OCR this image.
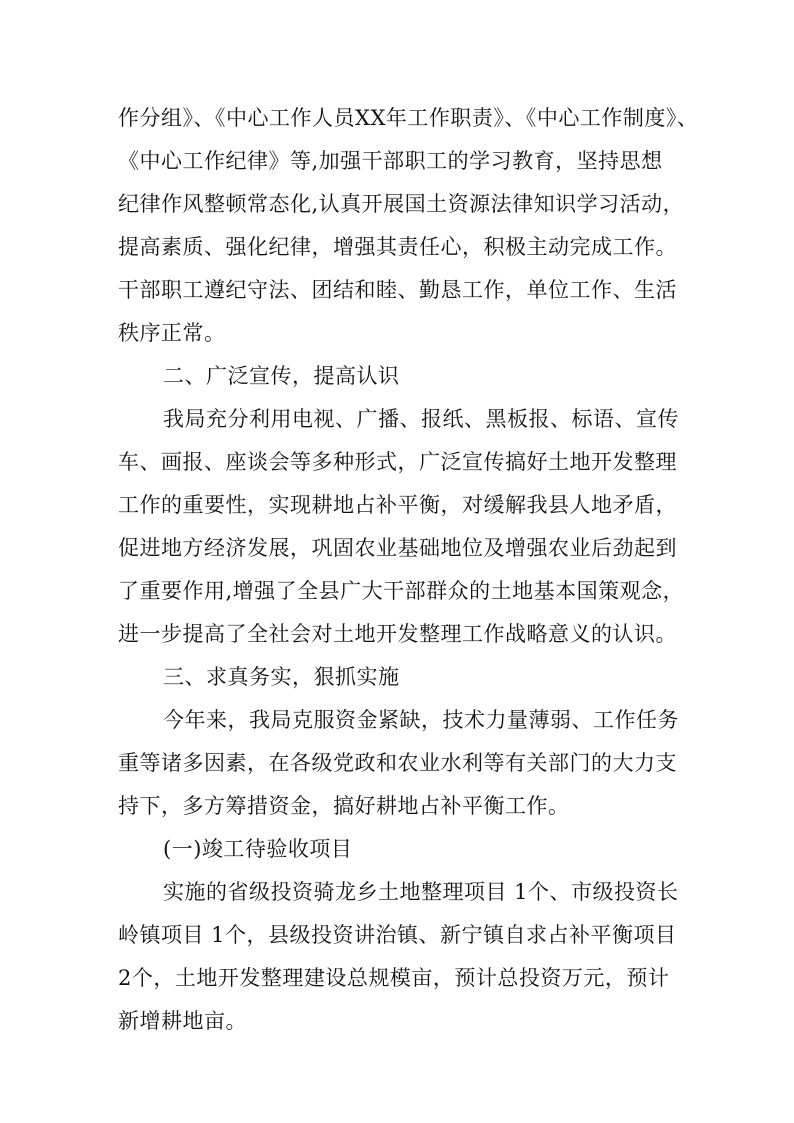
作分组》、《中心工作人员XX年工作职责》、《中心工作制度》、
《中心工作纪律》等,加强干部职工的学习教育，坚持思想
纪律作风整顿常态化,认真开展国土资源法律知识学习活动，
提高素质、强化纪律，增强其责任心，积极主动完成工作。
干部职工遵纪守法、团结和睦、勤恳工作，单位工作、生活
秩序正常。
二、广泛宣传，提高认识
我局充分利用电视、广播、报纸、黑板报、标语、宣传
车、画报、座谈会等多种形式，广泛宣传搞好土地开发整理
工作的重要性，实现耕地占补平衡，对缓解我县人地矛盾，
促进地方经济发展，巩固农业基础地位及增强农业后劲起到
了重要作用,增强了全县广大干部群众的土地基本国策观念，
进一步提高了全社会对土地开发整理工作战略意义的认识。
三、求真务实，狠抓实施
今年来，我局克服资金紧缺，技术力量薄弱、工作任务
重等诸多因素，在各级党政和农业水利等有关部门的大力支
持下，多方筹措资金，搞好耕地占补平衡工作。
(一)竣工待验收项目
实施的省级投资骑龙乡土地整理项目 1个、市级投资长
岭镇项目 1个，县级投资讲治镇、新宁镇自求占补平衡项目
2个，土地开发整理建设总规模亩，预计总投资万元，预计
新增耕地亩。
